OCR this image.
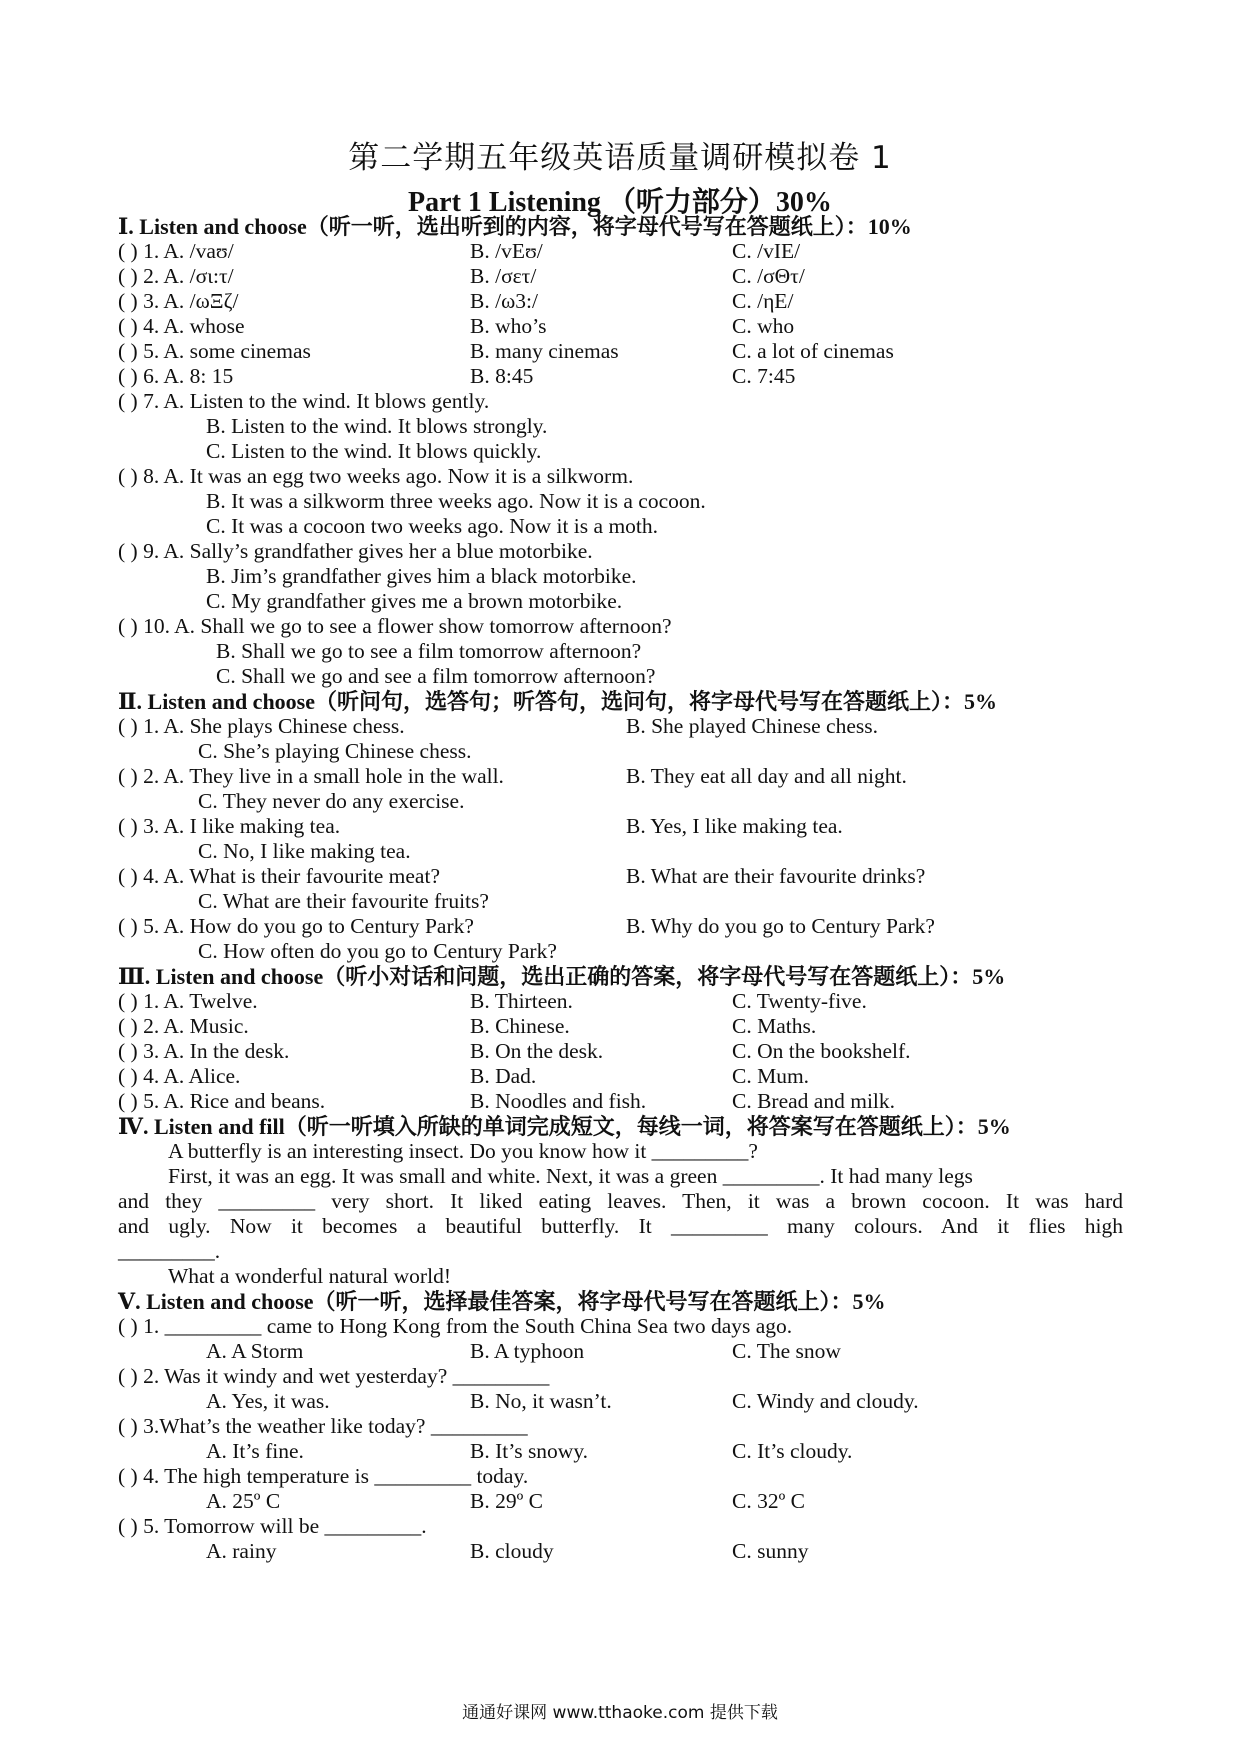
第二学期五年级英语质量调研模拟卷 1
Part 1 Listening （听力部分）30%
Ⅰ. Listen and choose（听一听，选出听到的内容，将字母代号写在答题纸上）：10%
( ) 1. A. /vaʊ/	B. /vEʊ/	C. /vIE/
( ) 2. A. /σι:τ/	B. /σετ/	C. /σΘτ/
( ) 3. A. /ωΞζ/	B. /ω3:/	C. /ηE/
( ) 4. A. whose	B. who’s	C. who
( ) 5. A. some cinemas	B. many cinemas	C. a lot of cinemas
( ) 6. A. 8: 15	B. 8:45	C. 7:45
( ) 7. A. Listen to the wind. It blows gently.
B. Listen to the wind. It blows strongly.
C. Listen to the wind. It blows quickly.
( ) 8. A. It was an egg two weeks ago. Now it is a silkworm.
B. It was a silkworm three weeks ago. Now it is a cocoon.
C. It was a cocoon two weeks ago. Now it is a moth.
( ) 9. A. Sally’s grandfather gives her a blue motorbike.
B. Jim’s grandfather gives him a black motorbike.
C. My grandfather gives me a brown motorbike.
( ) 10. A. Shall we go to see a flower show tomorrow afternoon?
B. Shall we go to see a film tomorrow afternoon?
C. Shall we go and see a film tomorrow afternoon?
Ⅱ. Listen and choose（听问句，选答句；听答句，选问句，将字母代号写在答题纸上）：5%
( ) 1. A. She plays Chinese chess.	B. She played Chinese chess.
C. She’s playing Chinese chess.
( ) 2. A. They live in a small hole in the wall.	B. They eat all day and all night.
C. They never do any exercise.
( ) 3. A. I like making tea.	B. Yes, I like making tea.
C. No, I like making tea.
( ) 4. A. What is their favourite meat?	B. What are their favourite drinks?
C. What are their favourite fruits?
( ) 5. A. How do you go to Century Park?	B. Why do you go to Century Park?
C. How often do you go to Century Park?
Ⅲ. Listen and choose（听小对话和问题，选出正确的答案，将字母代号写在答题纸上）：5%
( ) 1. A. Twelve.	B. Thirteen.	C. Twenty-five.
( ) 2. A. Music.	B. Chinese.	C. Maths.
( ) 3. A. In the desk.	B. On the desk.	C. On the bookshelf.
( ) 4. A. Alice.	B. Dad.	C. Mum.
( ) 5. A. Rice and beans.	B. Noodles and fish.	C. Bread and milk.
Ⅳ. Listen and fill（听一听填入所缺的单词完成短文，每线一词，将答案写在答题纸上）：5%
A butterfly is an interesting insect. Do you know how it _________?
First, it was an egg. It was small and white. Next, it was a green _________. It had many legs
and they _________ very short. It liked eating leaves. Then, it was a brown cocoon. It was hard
and ugly. Now it becomes a beautiful butterfly. It _________ many colours. And it flies high
_________.
What a wonderful natural world!
Ⅴ. Listen and choose（听一听，选择最佳答案，将字母代号写在答题纸上）：5%
( ) 1. _________ came to Hong Kong from the South China Sea two days ago.
A. A Storm	B. A typhoon	C. The snow
( ) 2. Was it windy and wet yesterday? _________
A. Yes, it was.	B. No, it wasn’t.	C. Windy and cloudy.
( ) 3.What’s the weather like today? _________
A. It’s fine.	B. It’s snowy.	C. It’s cloudy.
( ) 4. The high temperature is _________ today.
A. 25º C	B. 29º C	C. 32º C
( ) 5. Tomorrow will be _________.
A. rainy	B. cloudy	C. sunny
通通好课网 www.tthaoke.com 提供下载
